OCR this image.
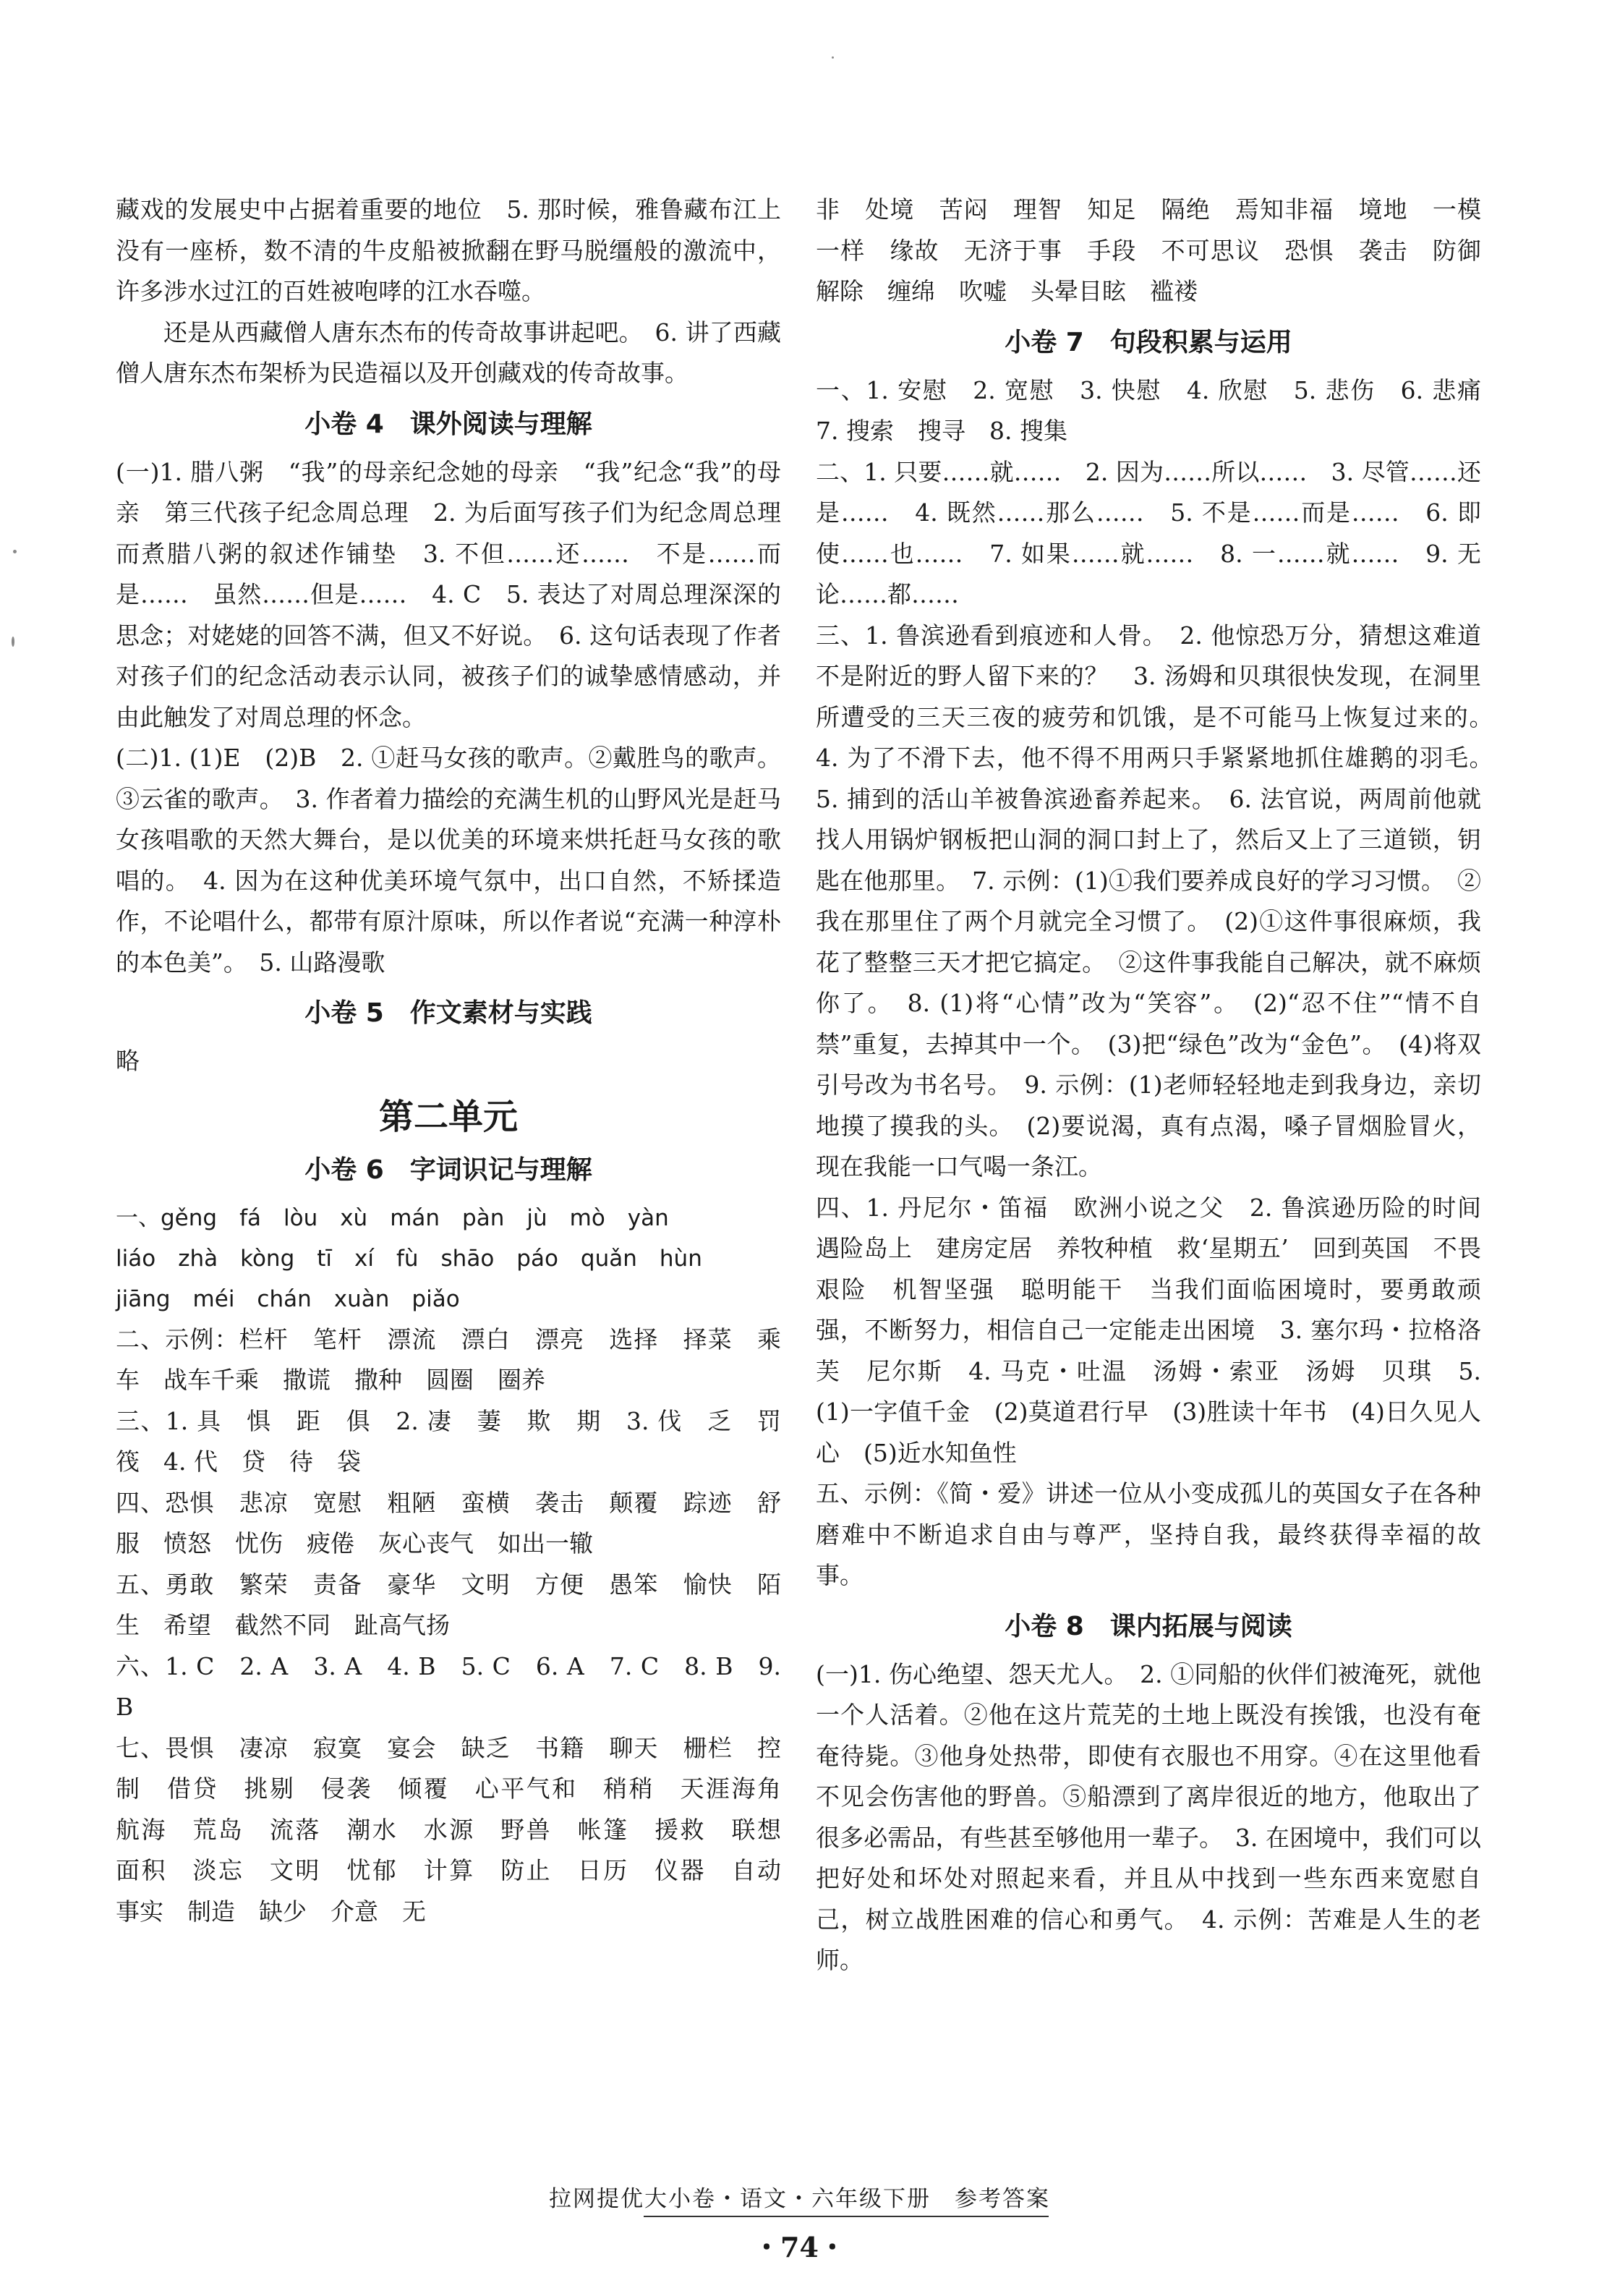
藏戏的发展史中占据着重要的地位　5. 那时候，雅鲁藏布江上没有一座桥，数不清的牛皮船被掀翻在野马脱缰般的激流中，许多涉水过江的百姓被咆哮的江水吞噬。

还是从西藏僧人唐东杰布的传奇故事讲起吧。　6. 讲了西藏僧人唐东杰布架桥为民造福以及开创藏戏的传奇故事。

小卷 4　课外阅读与理解

(一)1. 腊八粥　“我”的母亲纪念她的母亲　“我”纪念“我”的母亲　第三代孩子纪念周总理　2. 为后面写孩子们为纪念周总理而煮腊八粥的叙述作铺垫　3. 不但……还……　不是……而是……　虽然……但是……　4. C　5. 表达了对周总理深深的思念；对姥姥的回答不满，但又不好说。　6. 这句话表现了作者对孩子们的纪念活动表示认同，被孩子们的诚挚感情感动，并由此触发了对周总理的怀念。

(二)1. (1)E　(2)B　2. ①赶马女孩的歌声。②戴胜鸟的歌声。③云雀的歌声。　3. 作者着力描绘的充满生机的山野风光是赶马女孩唱歌的天然大舞台，是以优美的环境来烘托赶马女孩的歌唱的。　4. 因为在这种优美环境气氛中，出口自然，不矫揉造作，不论唱什么，都带有原汁原味，所以作者说“充满一种淳朴的本色美”。　5. 山路漫歌

小卷 5　作文素材与实践

略

第二单元
小卷 6　字词识记与理解

一、gěng　fá　lòu　xù　mán　pàn　jù　mò　yàn

liáo　zhà　kòng　tī　xí　fù　shāo　páo　quǎn　hùn

jiāng　méi　chán　xuàn　piǎo

二、示例：栏杆　笔杆　漂流　漂白　漂亮　选择　择菜　乘车　战车千乘　撒谎　撒种　圆圈　圈养

三、1. 具　惧　距　俱　2. 凄　萋　欺　期　3. 伐　乏　罚　筏　4. 代　贷　待　袋

四、恐惧　悲凉　宽慰　粗陋　蛮横　袭击　颠覆　踪迹　舒服　愤怒　忧伤　疲倦　灰心丧气　如出一辙

五、勇敢　繁荣　责备　豪华　文明　方便　愚笨　愉快　陌生　希望　截然不同　趾高气扬

六、1. C　2. A　3. A　4. B　5. C　6. A　7. C　8. B　9. B

七、畏惧　凄凉　寂寞　宴会　缺乏　书籍　聊天　栅栏　控制　借贷　挑剔　侵袭　倾覆　心平气和　稍稍　天涯海角　航海　荒岛　流落　潮水　水源　野兽　帐篷　援救　联想　面积　淡忘　文明　忧郁　计算　防止　日历　仪器　自动　事实　制造　缺少　介意　无

非　处境　苦闷　理智　知足　隔绝　焉知非福　境地　一模一样　缘故　无济于事　手段　不可思议　恐惧　袭击　防御　解除　缠绵　吹嘘　头晕目眩　褴褛

小卷 7　句段积累与运用

一、1. 安慰　2. 宽慰　3. 快慰　4. 欣慰　5. 悲伤　6. 悲痛　7. 搜索　搜寻　8. 搜集

二、1. 只要……就……　2. 因为……所以……　3. 尽管……还是……　4. 既然……那么……　5. 不是……而是……　6. 即使……也……　7. 如果……就……　8. 一……就……　9. 无论……都……

三、1. 鲁滨逊看到痕迹和人骨。　2. 他惊恐万分，猜想这难道不是附近的野人留下来的？　3. 汤姆和贝琪很快发现，在洞里所遭受的三天三夜的疲劳和饥饿，是不可能马上恢复过来的。　4. 为了不滑下去，他不得不用两只手紧紧地抓住雄鹅的羽毛。　5. 捕到的活山羊被鲁滨逊畜养起来。　6. 法官说，两周前他就找人用锅炉钢板把山洞的洞口封上了，然后又上了三道锁，钥匙在他那里。　7. 示例：(1)①我们要养成良好的学习习惯。　②我在那里住了两个月就完全习惯了。　(2)①这件事很麻烦，我花了整整三天才把它搞定。　②这件事我能自己解决，就不麻烦你了。　8. (1)将“心情”改为“笑容”。　(2)“忍不住”“情不自禁”重复，去掉其中一个。　(3)把“绿色”改为“金色”。　(4)将双引号改为书名号。　9. 示例：(1)老师轻轻地走到我身边，亲切地摸了摸我的头。　(2)要说渴，真有点渴，嗓子冒烟脸冒火，现在我能一口气喝一条江。

四、1. 丹尼尔・笛福　欧洲小说之父　2. 鲁滨逊历险的时间　遇险岛上　建房定居　养牧种植　救‘星期五’　回到英国　不畏艰险　机智坚强　聪明能干　当我们面临困境时，要勇敢顽强，不断努力，相信自己一定能走出困境　3. 塞尔玛・拉格洛芙　尼尔斯　4. 马克・吐温　汤姆・索亚　汤姆　贝琪　5. (1)一字值千金　(2)莫道君行早　(3)胜读十年书　(4)日久见人心　(5)近水知鱼性

五、示例：《简・爱》讲述一位从小变成孤儿的英国女子在各种磨难中不断追求自由与尊严，坚持自我，最终获得幸福的故事。

小卷 8　课内拓展与阅读

(一)1. 伤心绝望、怨天尤人。　2. ①同船的伙伴们被淹死，就他一个人活着。②他在这片荒芜的土地上既没有挨饿，也没有奄奄待毙。③他身处热带，即使有衣服也不用穿。④在这里他看不见会伤害他的野兽。⑤船漂到了离岸很近的地方，他取出了很多必需品，有些甚至够他用一辈子。　3. 在困境中，我们可以把好处和坏处对照起来看，并且从中找到一些东西来宽慰自己，树立战胜困难的信心和勇气。　4. 示例：苦难是人生的老师。

拉网提优大小卷・语文・六年级下册　参考答案
・74・
